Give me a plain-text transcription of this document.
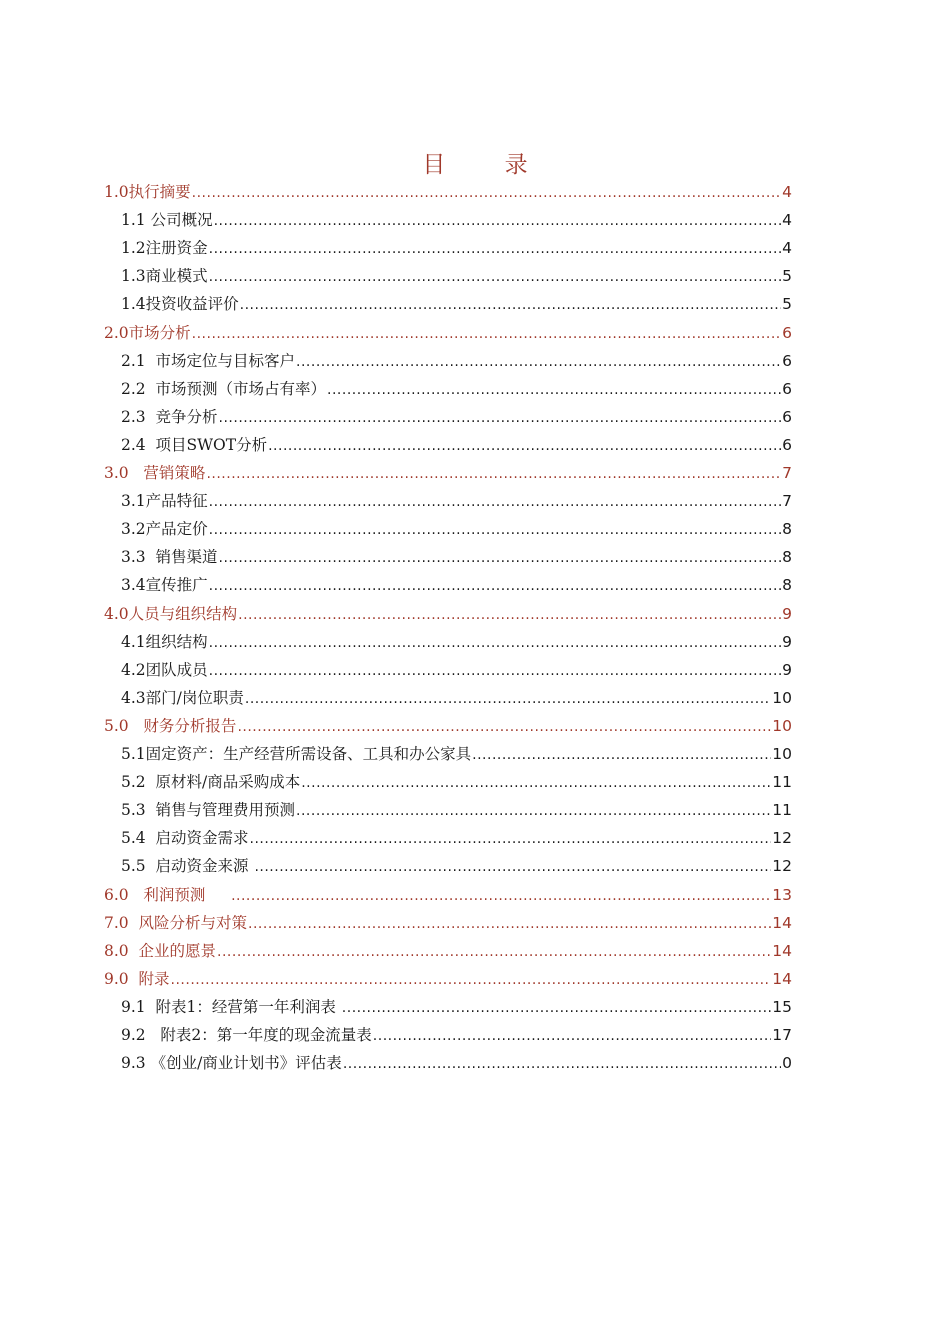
目 录
1.0执行摘要 .....	4
1.1 公司概况 .....	4
1.2注册资金 .....	4
1.3商业模式 .....	5
1.4投资收益评价 .....	5
2.0市场分析 .....	6
2.1  市场定位与目标客户 .....	6
2.2  市场预测（市场占有率） .....	6
2.3  竞争分析 .....	6
2.4  项目SWOT分析 .....	6
3.0   营销策略 .....	7
3.1产品特征 .....	7
3.2产品定价 .....	8
3.3  销售渠道 .....	8
3.4宣传推广 .....	8
4.0人员与组织结构 .....	9
4.1组织结构 .....	9
4.2团队成员 .....	9
4.3部门/岗位职责 .....	10
5.0   财务分析报告 .....	10
5.1固定资产：生产经营所需设备、工具和办公家具 .....	10
5.2  原材料/商品采购成本 .....	11
5.3  销售与管理费用预测 .....	11
5.4  启动资金需求 .....	12
5.5  启动资金来源 .....	12
6.0   利润预测 .....	13
7.0  风险分析与对策 .....	14
8.0  企业的愿景 .....	14
9.0  附录 .....	14
9.1  附表1：经营第一年利润表 .....	15
9.2   附表2：第一年度的现金流量表 .....	17
9.3 《创业/商业计划书》评估表 .....	0
